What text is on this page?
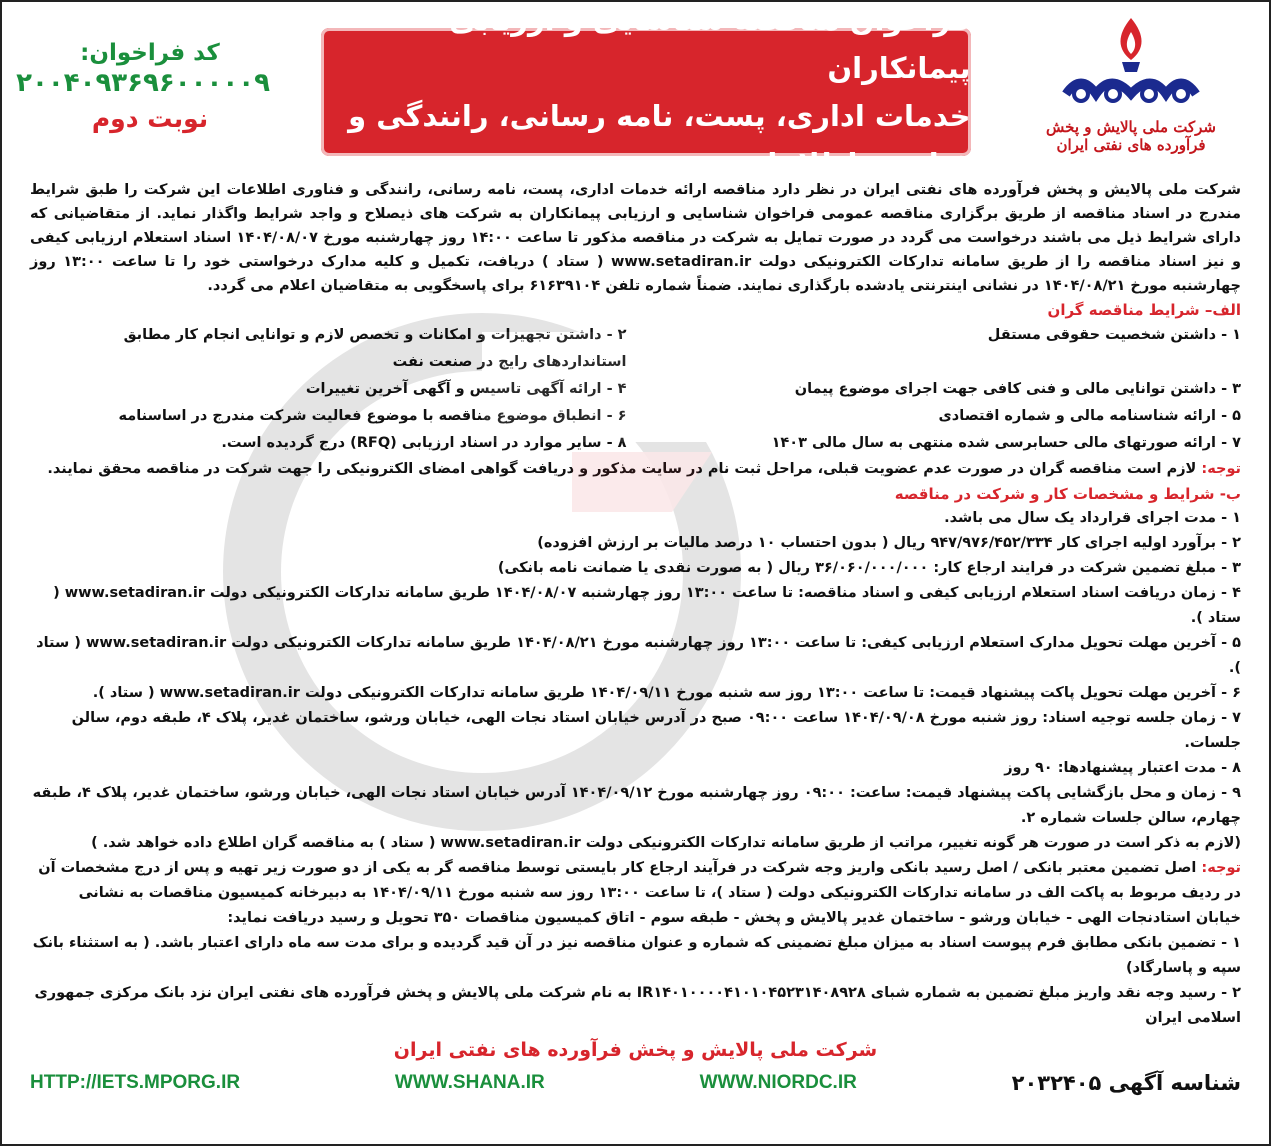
شرکت ملی پالایش و پخش فرآورده های نفتی ایران
فراخوان مناقصه شناسایی و ارزیابی پیمانکاران
خدمات اداری، پست، نامه رسانی، رانندگی و فناوری اطلاعات
کد فراخوان:
۲۰۰۴۰۹۳۶۹۶۰۰۰۰۰۹
نوبت دوم
شرکت ملی پالایش و پخش فرآورده های نفتی ایران در نظر دارد مناقصه ارائه خدمات اداری، پست، نامه رسانی، رانندگی و فناوری اطلاعات این شرکت را طبق شرایط مندرج در اسناد مناقصه از طریق برگزاری مناقصه عمومی فراخوان شناسایی و ارزیابی پیمانکاران به شرکت های ذیصلاح و واجد شرایط واگذار نماید. از متقاضیانی که دارای شرایط ذیل می باشند درخواست می گردد در صورت تمایل به شرکت در مناقصه مذکور تا ساعت ۱۴:۰۰ روز چهارشنبه مورخ ۱۴۰۴/۰۸/۰۷ اسناد استعلام ارزیابی کیفی و نیز اسناد مناقصه را از طریق سامانه تدارکات الکترونیکی دولت www.setadiran.ir ( ستاد ) دریافت، تکمیل و کلیه مدارک درخواستی خود را تا ساعت ۱۳:۰۰ روز چهارشنبه مورخ ۱۴۰۴/۰۸/۲۱ در نشانی اینترنتی یادشده بارگذاری نمایند. ضمناً شماره تلفن ۶۱۶۳۹۱۰۴ برای پاسخگویی به متقاضیان اعلام می گردد.
الف– شرایط مناقصه گران
۱ - داشتن شخصیت حقوقی مستقل
۲ - داشتن تجهیزات و امکانات و تخصص لازم و توانایی انجام کار مطابق استانداردهای رایج در صنعت نفت
۳ - داشتن توانایی مالی و فنی کافی جهت اجرای موضوع پیمان
۴ - ارائه آگهی تاسیس و آگهی آخرین تغییرات
۵ - ارائه شناسنامه مالی و شماره اقتصادی
۶ - انطباق موضوع مناقصه با موضوع فعالیت شرکت مندرج در اساسنامه
۷ - ارائه صورتهای مالی حسابرسی شده منتهی به سال مالی ۱۴۰۳
۸ - سایر موارد در اسناد ارزیابی (RFQ) درج گردیده است.
توجه: لازم است مناقصه گران در صورت عدم عضویت قبلی، مراحل ثبت نام در سایت مذکور و دریافت گواهی امضای الکترونیکی را جهت شرکت در مناقصه محقق نمایند.
ب- شرایط و مشخصات کار و شرکت در مناقصه
۱ - مدت اجرای قرارداد یک سال می باشد.
۲ - برآورد اولیه اجرای کار ۹۴۷/۹۷۶/۴۵۲/۳۳۴ ریال ( بدون احتساب ۱۰ درصد مالیات بر ارزش افزوده)
۳ - مبلغ تضمین شرکت در فرایند ارجاع کار: ۳۶/۰۶۰/۰۰۰/۰۰۰ ریال ( به صورت نقدی یا ضمانت نامه بانکی)
۴ - زمان دریافت اسناد استعلام ارزیابی کیفی و اسناد مناقصه: تا ساعت ۱۳:۰۰ روز چهارشنبه ۱۴۰۴/۰۸/۰۷ طریق سامانه تدارکات الکترونیکی دولت www.setadiran.ir ( ستاد ).
۵ - آخرین مهلت تحویل مدارک استعلام ارزیابی کیفی: تا ساعت ۱۳:۰۰ روز چهارشنبه مورخ ۱۴۰۴/۰۸/۲۱ طریق سامانه تدارکات الکترونیکی دولت www.setadiran.ir ( ستاد ).
۶ - آخرین مهلت تحویل پاکت پیشنهاد قیمت: تا ساعت ۱۳:۰۰ روز سه شنبه مورخ ۱۴۰۴/۰۹/۱۱ طریق سامانه تدارکات الکترونیکی دولت www.setadiran.ir ( ستاد ).
۷ - زمان جلسه توجیه اسناد: روز شنبه مورخ ۱۴۰۴/۰۹/۰۸ ساعت ۰۹:۰۰ صبح در آدرس خیابان استاد نجات الهی، خیابان ورشو، ساختمان غدیر، پلاک ۴، طبقه دوم، سالن جلسات.
۸ - مدت اعتبار پیشنهادها: ۹۰ روز
۹ - زمان و محل بازگشایی پاکت پیشنهاد قیمت: ساعت: ۰۹:۰۰ روز چهارشنبه مورخ ۱۴۰۴/۰۹/۱۲ آدرس خیابان استاد نجات الهی، خیابان ورشو، ساختمان غدیر، پلاک ۴، طبقه چهارم، سالن جلسات شماره ۲.
(لازم به ذکر است در صورت هر گونه تغییر، مراتب از طریق سامانه تدارکات الکترونیکی دولت www.setadiran.ir ( ستاد ) به مناقصه گران اطلاع داده خواهد شد. )
توجه: اصل تضمین معتبر بانکی / اصل رسید بانکی واریز وجه شرکت در فرآیند ارجاع کار بایستی توسط مناقصه گر به یکی از دو صورت زیر تهیه و پس از درج مشخصات آن در ردیف مربوط به پاکت الف در سامانه تدارکات الکترونیکی دولت ( ستاد )، تا ساعت ۱۳:۰۰ روز سه شنبه مورخ ۱۴۰۴/۰۹/۱۱ به دبیرخانه کمیسیون مناقصات به نشانی خیابان استادنجات الهی - خیابان ورشو - ساختمان غدیر پالایش و پخش - طبقه سوم - اتاق کمیسیون مناقصات ۳۵۰ تحویل و رسید دریافت نماید:
۱ - تضمین بانکی مطابق فرم پیوست اسناد به میزان مبلغ تضمینی که شماره و عنوان مناقصه نیز در آن قید گردیده و برای مدت سه ماه دارای اعتبار باشد. ( به استثناء بانک سپه و پاسارگاد)
۲ - رسید وجه نقد واریز مبلغ تضمین به شماره شبای IR۱۴۰۱۰۰۰۰۴۱۰۱۰۴۵۲۳۱۴۰۸۹۲۸ به نام شرکت ملی پالایش و پخش فرآورده های نفتی ایران نزد بانک مرکزی جمهوری اسلامی ایران
شرکت ملی پالایش و پخش فرآورده های نفتی ایران
شناسه آگهی ۲۰۳۲۴۰۵
WWW.NIORDC.IR
WWW.SHANA.IR
HTTP://IETS.MPORG.IR
